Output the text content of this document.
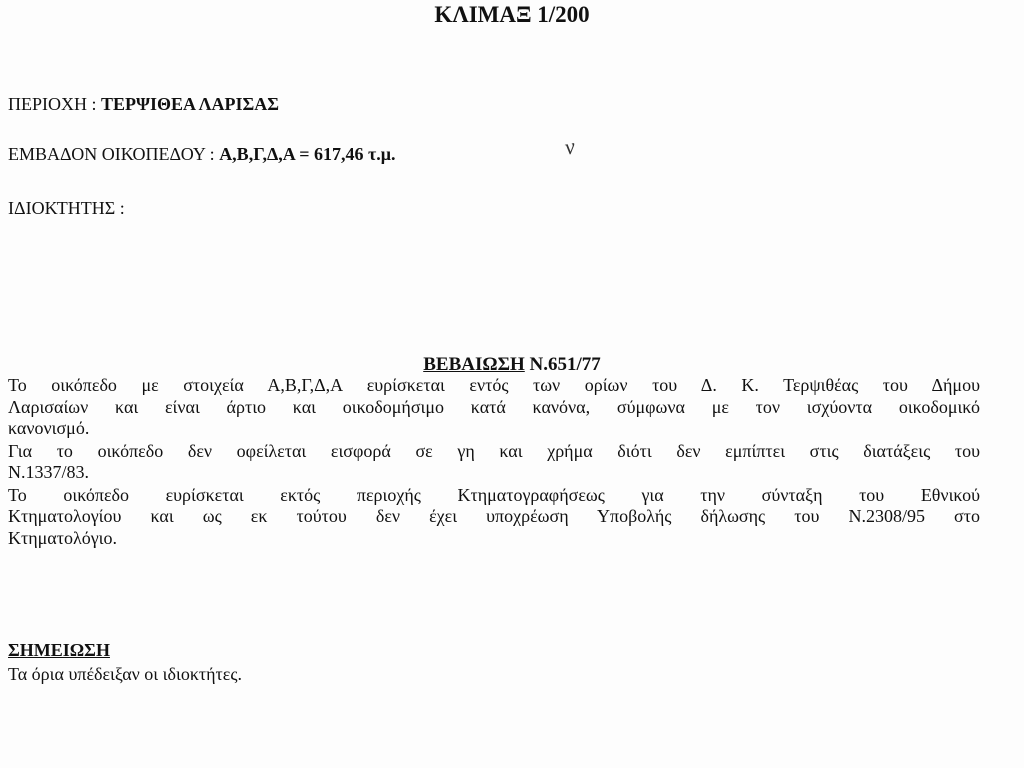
ΚΛΙΜΑΞ 1/200
ΠΕΡΙΟΧΗ : ΤΕΡΨΙΘΕΑ ΛΑΡΙΣΑΣ
ΕΜΒΑΔΟΝ ΟΙΚΟΠΕΔΟΥ : Α,Β,Γ,Δ,Α = 617,46 τ.μ.	v
ΙΔΙΟΚΤΗΤΗΣ :
ΒΕΒΑΙΩΣΗ Ν.651/77
Το οικόπεδο με στοιχεία Α,Β,Γ,Δ,Α ευρίσκεται εντός των ορίων του Δ. Κ. Τερψιθέας του Δήμου
Λαρισαίων και είναι άρτιο και οικοδομήσιμο κατά κανόνα, σύμφωνα με τον ισχύοντα οικοδομικό
κανονισμό.
Για το οικόπεδο δεν οφείλεται εισφορά σε γη και χρήμα διότι δεν εμπίπτει στις διατάξεις του
Ν.1337/83.
Το οικόπεδο ευρίσκεται εκτός περιοχής Κτηματογραφήσεως για την σύνταξη του Εθνικού
Κτηματολογίου και ως εκ τούτου δεν έχει υποχρέωση Υποβολής δήλωσης του Ν.2308/95 στο
Κτηματολόγιο.
ΣΗΜΕΙΩΣΗ
Τα όρια υπέδειξαν οι ιδιοκτήτες.
